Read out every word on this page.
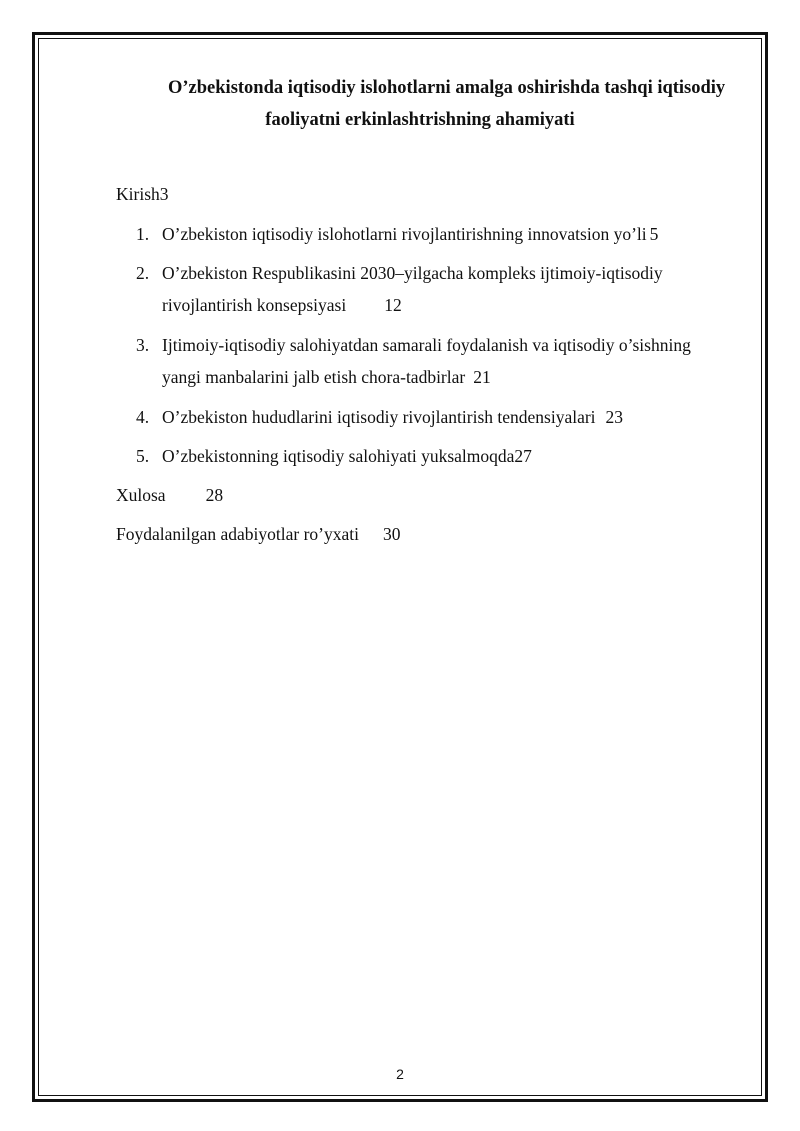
O’zbekistonda iqtisodiy islohotlarni amalga oshirishda tashqi iqtisodiy
faoliyatni erkinlashtrishning ahamiyati
Kirish3
1. O’zbekiston iqtisodiy islohotlarni rivojlantirishning innovatsion yo’li 5
2. O’zbekiston Respublikasini 2030–yilgacha kompleks ijtimoiy-iqtisodiy
rivojlantirish konsepsiyasi 12
3. Ijtimoiy-iqtisodiy salohiyatdan samarali foydalanish va iqtisodiy o’sishning
yangi manbalarini jalb etish chora-tadbirlar 21
4. O’zbekiston hududlarini iqtisodiy rivojlantirish tendensiyalari 23
5. O’zbekistonning iqtisodiy salohiyati yuksalmoqda27
Xulosa 28
Foydalanilgan adabiyotlar ro’yxati 30
2
